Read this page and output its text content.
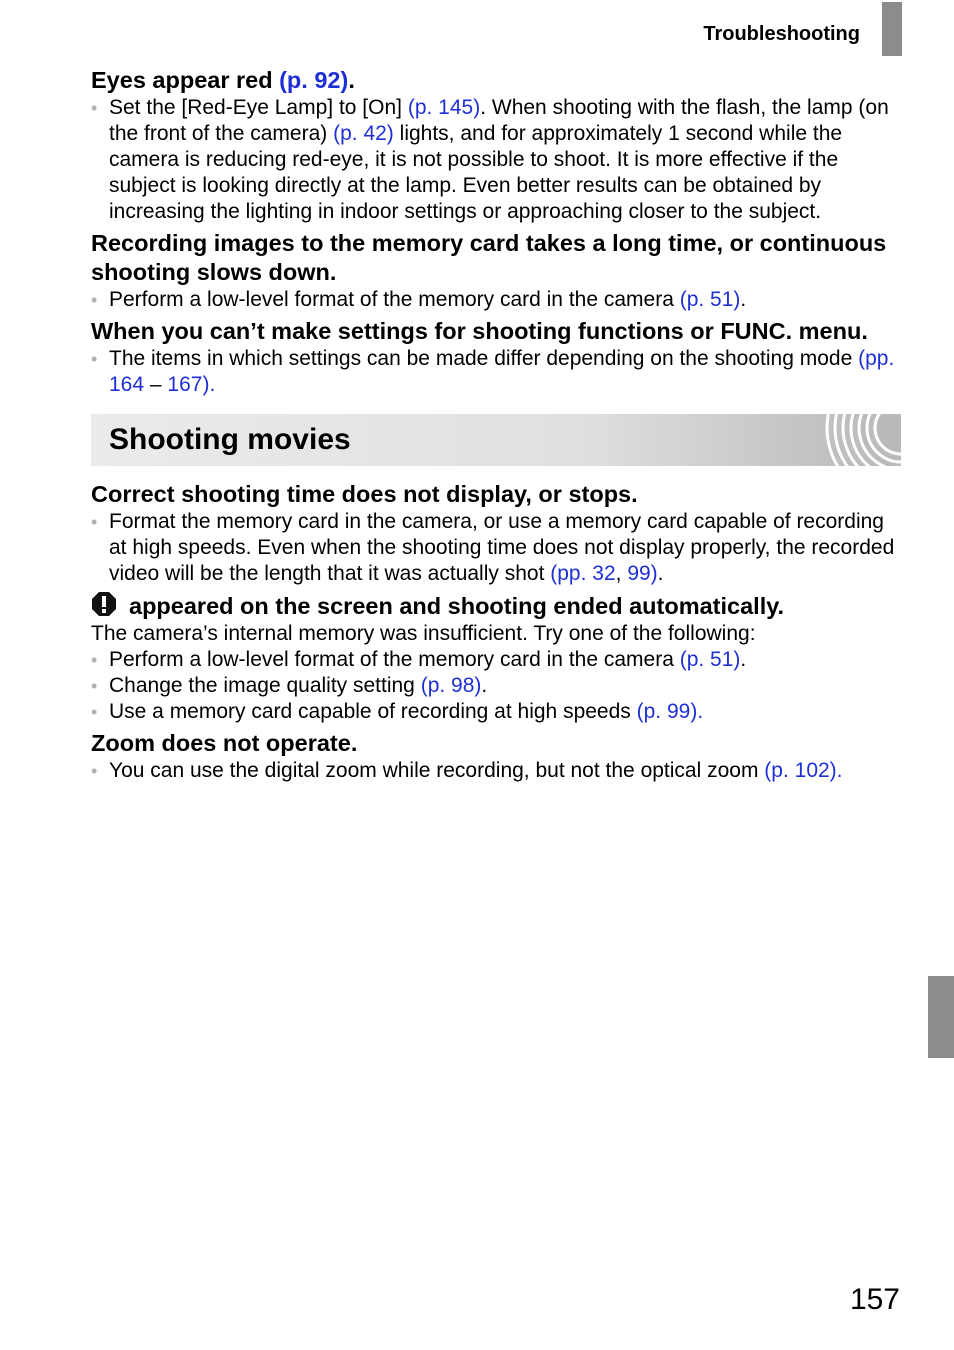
Troubleshooting
Eyes appear red (p. 92).
• Set the [Red-Eye Lamp] to [On] (p. 145). When shooting with the flash, the lamp (on the front of the camera) (p. 42) lights, and for approximately 1 second while the camera is reducing red-eye, it is not possible to shoot. It is more effective if the subject is looking directly at the lamp. Even better results can be obtained by increasing the lighting in indoor settings or approaching closer to the subject.
Recording images to the memory card takes a long time, or continuous shooting slows down.
• Perform a low-level format of the memory card in the camera (p. 51).
When you can’t make settings for shooting functions or FUNC. menu.
• The items in which settings can be made differ depending on the shooting mode (pp. 164 – 167).
Shooting movies
Correct shooting time does not display, or stops.
• Format the memory card in the camera, or use a memory card capable of recording at high speeds. Even when the shooting time does not display properly, the recorded video will be the length that it was actually shot (pp. 32, 99).
appeared on the screen and shooting ended automatically.

The camera’s internal memory was insufficient. Try one of the following:

• Perform a low-level format of the memory card in the camera (p. 51).
• Change the image quality setting (p. 98).
• Use a memory card capable of recording at high speeds (p. 99).
Zoom does not operate.
• You can use the digital zoom while recording, but not the optical zoom (p. 102).
157
